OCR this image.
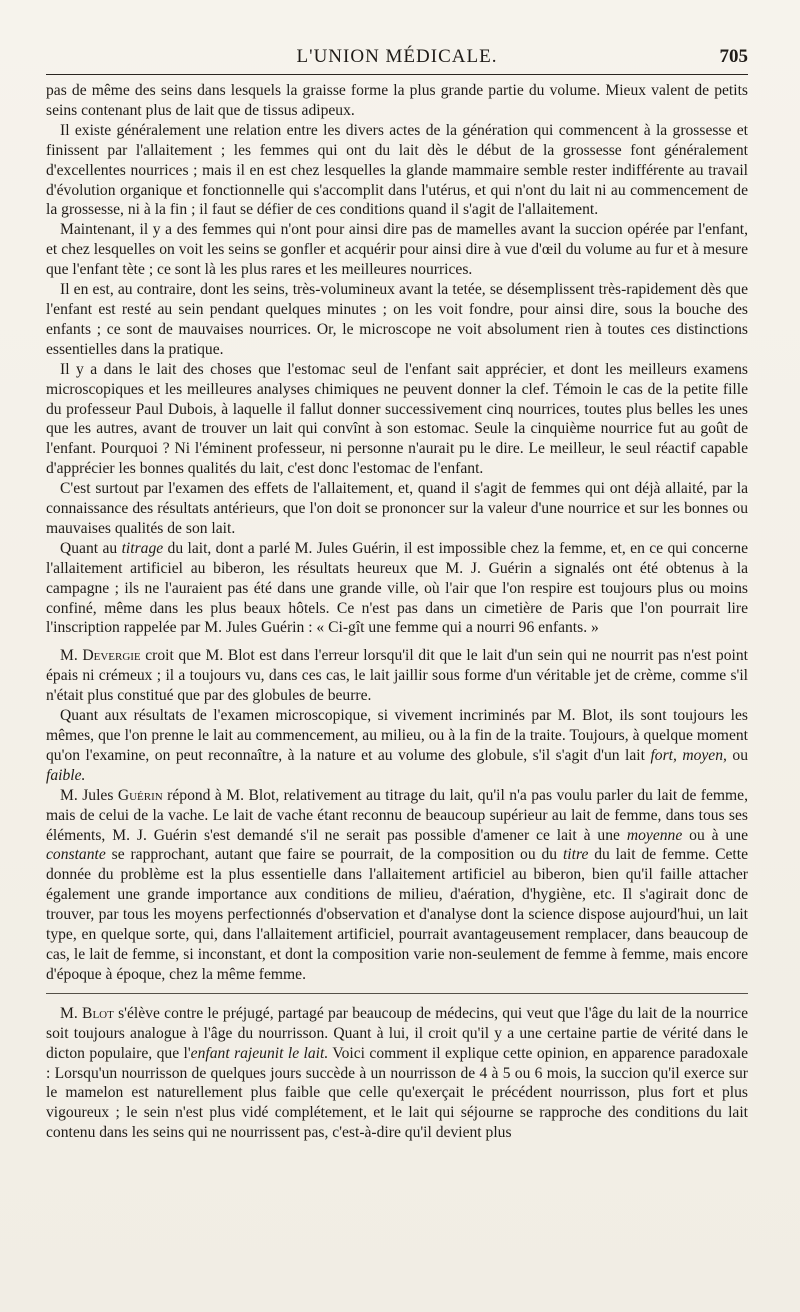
L'UNION MÉDICALE.	705

pas de même des seins dans lesquels la graisse forme la plus grande partie du volume. Mieux valent de petits seins contenant plus de lait que de tissus adipeux.

Il existe généralement une relation entre les divers actes de la génération qui commencent à la grossesse et finissent par l'allaitement ; les femmes qui ont du lait dès le début de la grossesse font généralement d'excellentes nourrices ; mais il en est chez lesquelles la glande mammaire semble rester indifférente au travail d'évolution organique et fonctionnelle qui s'accomplit dans l'utérus, et qui n'ont du lait ni au commencement de la grossesse, ni à la fin ; il faut se défier de ces conditions quand il s'agit de l'allaitement.

Maintenant, il y a des femmes qui n'ont pour ainsi dire pas de mamelles avant la succion opérée par l'enfant, et chez lesquelles on voit les seins se gonfler et acquérir pour ainsi dire à vue d'œil du volume au fur et à mesure que l'enfant tète ; ce sont là les plus rares et les meilleures nourrices.

Il en est, au contraire, dont les seins, très-volumineux avant la tetée, se désemplissent très-rapidement dès que l'enfant est resté au sein pendant quelques minutes ; on les voit fondre, pour ainsi dire, sous la bouche des enfants ; ce sont de mauvaises nourrices. Or, le microscope ne voit absolument rien à toutes ces distinctions essentielles dans la pratique.

Il y a dans le lait des choses que l'estomac seul de l'enfant sait apprécier, et dont les meilleurs examens microscopiques et les meilleures analyses chimiques ne peuvent donner la clef. Témoin le cas de la petite fille du professeur Paul Dubois, à laquelle il fallut donner successivement cinq nourrices, toutes plus belles les unes que les autres, avant de trouver un lait qui convînt à son estomac. Seule la cinquième nourrice fut au goût de l'enfant. Pourquoi ? Ni l'éminent professeur, ni personne n'aurait pu le dire. Le meilleur, le seul réactif capable d'apprécier les bonnes qualités du lait, c'est donc l'estomac de l'enfant.

C'est surtout par l'examen des effets de l'allaitement, et, quand il s'agit de femmes qui ont déjà allaité, par la connaissance des résultats antérieurs, que l'on doit se prononcer sur la valeur d'une nourrice et sur les bonnes ou mauvaises qualités de son lait.

Quant au titrage du lait, dont a parlé M. Jules Guérin, il est impossible chez la femme, et, en ce qui concerne l'allaitement artificiel au biberon, les résultats heureux que M. J. Guérin a signalés ont été obtenus à la campagne ; ils ne l'auraient pas été dans une grande ville, où l'air que l'on respire est toujours plus ou moins confiné, même dans les plus beaux hôtels. Ce n'est pas dans un cimetière de Paris que l'on pourrait lire l'inscription rappelée par M. Jules Guérin : « Ci-gît une femme qui a nourri 96 enfants. »

M. Devergie croit que M. Blot est dans l'erreur lorsqu'il dit que le lait d'un sein qui ne nourrit pas n'est point épais ni crémeux ; il a toujours vu, dans ces cas, le lait jaillir sous forme d'un véritable jet de crème, comme s'il n'était plus constitué que par des globules de beurre.

Quant aux résultats de l'examen microscopique, si vivement incriminés par M. Blot, ils sont toujours les mêmes, que l'on prenne le lait au commencement, au milieu, ou à la fin de la traite. Toujours, à quelque moment qu'on l'examine, on peut reconnaître, à la nature et au volume des globule, s'il s'agit d'un lait fort, moyen, ou faible.

M. Jules Guérin répond à M. Blot, relativement au titrage du lait, qu'il n'a pas voulu parler du lait de femme, mais de celui de la vache. Le lait de vache étant reconnu de beaucoup supérieur au lait de femme, dans tous ses éléments, M. J. Guérin s'est demandé s'il ne serait pas possible d'amener ce lait à une moyenne ou à une constante se rapprochant, autant que faire se pourrait, de la composition ou du titre du lait de femme. Cette donnée du problème est la plus essentielle dans l'allaitement artificiel au biberon, bien qu'il faille attacher également une grande importance aux conditions de milieu, d'aération, d'hygiène, etc. Il s'agirait donc de trouver, par tous les moyens perfectionnés d'observation et d'analyse dont la science dispose aujourd'hui, un lait type, en quelque sorte, qui, dans l'allaitement artificiel, pourrait avantageusement remplacer, dans beaucoup de cas, le lait de femme, si inconstant, et dont la composition varie non-seulement de femme à femme, mais encore d'époque à époque, chez la même femme.

M. Blot s'élève contre le préjugé, partagé par beaucoup de médecins, qui veut que l'âge du lait de la nourrice soit toujours analogue à l'âge du nourrisson. Quant à lui, il croit qu'il y a une certaine partie de vérité dans le dicton populaire, que l'enfant rajeunit le lait. Voici comment il explique cette opinion, en apparence paradoxale : Lorsqu'un nourrisson de quelques jours succède à un nourrisson de 4 à 5 ou 6 mois, la succion qu'il exerce sur le mamelon est naturellement plus faible que celle qu'exerçait le précédent nourrisson, plus fort et plus vigoureux ; le sein n'est plus vidé complétement, et le lait qui séjourne se rapproche des conditions du lait contenu dans les seins qui ne nourrissent pas, c'est-à-dire qu'il devient plus
